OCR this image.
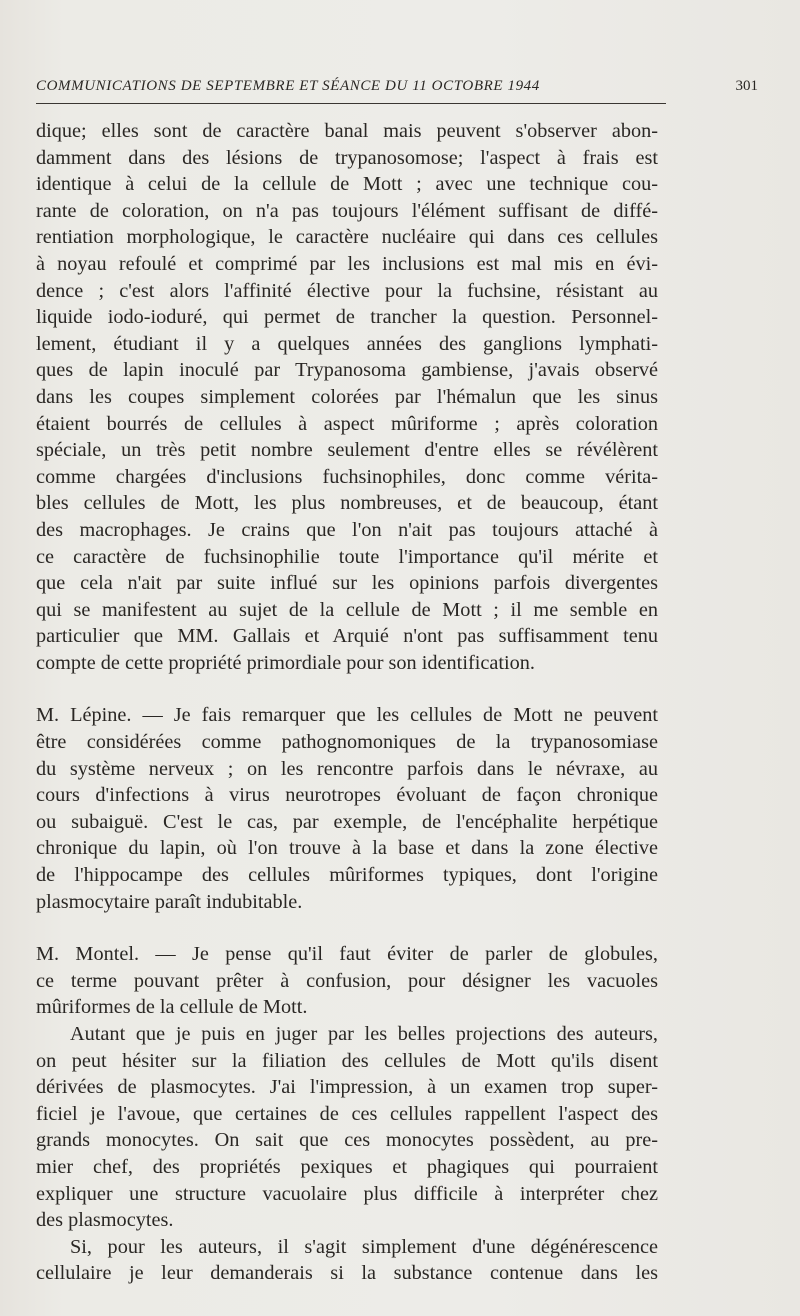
COMMUNICATIONS DE SEPTEMBRE ET SÉANCE DU 11 OCTOBRE 1944	301
dique; elles sont de caractère banal mais peuvent s'observer abon-
damment dans des lésions de trypanosomose; l'aspect à frais est
identique à celui de la cellule de Mott ; avec une technique cou-
rante de coloration, on n'a pas toujours l'élément suffisant de diffé-
rentiation morphologique, le caractère nucléaire qui dans ces cellules
à noyau refoulé et comprimé par les inclusions est mal mis en évi-
dence ; c'est alors l'affinité élective pour la fuchsine, résistant au
liquide iodo-ioduré, qui permet de trancher la question. Personnel-
lement, étudiant il y a quelques années des ganglions lymphati-
ques de lapin inoculé par Trypanosoma gambiense, j'avais observé
dans les coupes simplement colorées par l'hémalun que les sinus
étaient bourrés de cellules à aspect mûriforme ; après coloration
spéciale, un très petit nombre seulement d'entre elles se révélèrent
comme chargées d'inclusions fuchsinophiles, donc comme vérita-
bles cellules de Mott, les plus nombreuses, et de beaucoup, étant
des macrophages. Je crains que l'on n'ait pas toujours attaché à
ce caractère de fuchsinophilie toute l'importance qu'il mérite et
que cela n'ait par suite influé sur les opinions parfois divergentes
qui se manifestent au sujet de la cellule de Mott ; il me semble en
particulier que MM. Gallais et Arquié n'ont pas suffisamment tenu
compte de cette propriété primordiale pour son identification.
M. Lépine. — Je fais remarquer que les cellules de Mott ne peuvent
être considérées comme pathognomoniques de la trypanosomiase
du système nerveux ; on les rencontre parfois dans le névraxe, au
cours d'infections à virus neurotropes évoluant de façon chronique
ou subaiguë. C'est le cas, par exemple, de l'encéphalite herpétique
chronique du lapin, où l'on trouve à la base et dans la zone élective
de l'hippocampe des cellules mûriformes typiques, dont l'origine
plasmocytaire paraît indubitable.
M. Montel. — Je pense qu'il faut éviter de parler de globules,
ce terme pouvant prêter à confusion, pour désigner les vacuoles
mûriformes de la cellule de Mott.
Autant que je puis en juger par les belles projections des auteurs,
on peut hésiter sur la filiation des cellules de Mott qu'ils disent
dérivées de plasmocytes. J'ai l'impression, à un examen trop super-
ficiel je l'avoue, que certaines de ces cellules rappellent l'aspect des
grands monocytes. On sait que ces monocytes possèdent, au pre-
mier chef, des propriétés pexiques et phagiques qui pourraient
expliquer une structure vacuolaire plus difficile à interpréter chez
des plasmocytes.
Si, pour les auteurs, il s'agit simplement d'une dégénérescence
cellulaire je leur demanderais si la substance contenue dans les
